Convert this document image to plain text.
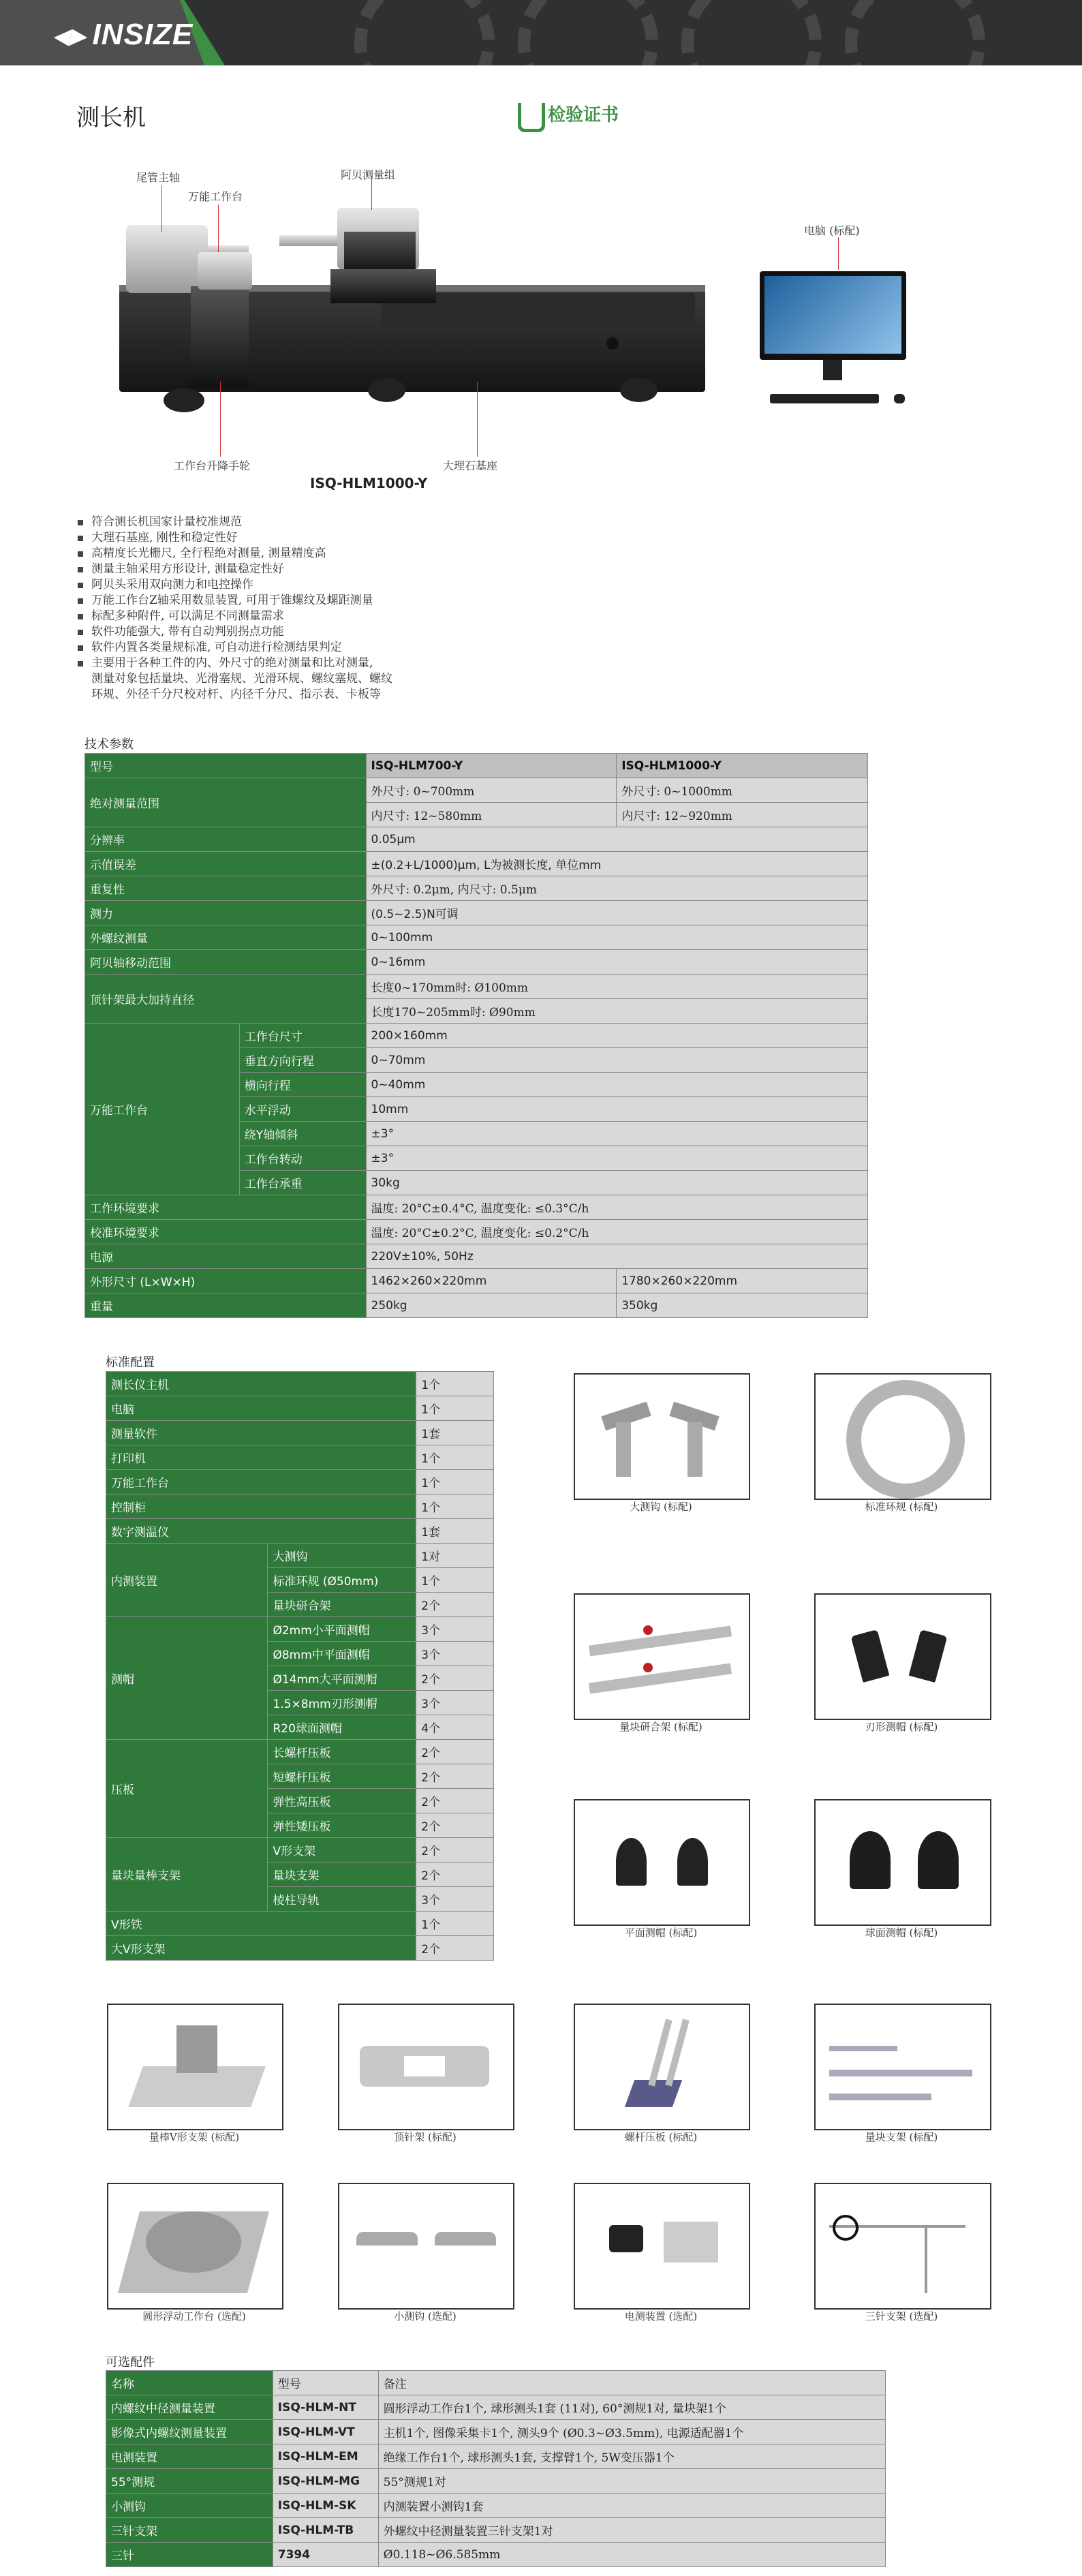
◀▶ INSIZE
测长机	检验证书
尾管主轴
万能工作台
阿贝测量组
电脑 (标配)
工作台升降手轮	大理石基座
ISQ-HLM1000-Y
符合测长机国家计量校准规范
大理石基座, 刚性和稳定性好
高精度长光栅尺, 全行程绝对测量, 测量精度高
测量主轴采用方形设计, 测量稳定性好
阿贝头采用双向测力和电控操作
万能工作台Z轴采用数显装置, 可用于锥螺纹及螺距测量
标配多种附件, 可以满足不同测量需求
软件功能强大, 带有自动判别拐点功能
软件内置各类量规标准, 可自动进行检测结果判定
主要用于各种工件的内、外尺寸的绝对测量和比对测量,
测量对象包括量块、光滑塞规、光滑环规、螺纹塞规、螺纹
环规、外径千分尺校对杆、内径千分尺、指示表、卡板等
技术参数
型号		ISQ-HLM700-Y	ISQ-HLM1000-Y
绝对测量范围		外尺寸: 0~700mm	外尺寸: 0~1000mm
		内尺寸: 12~580mm	内尺寸: 12~920mm
分辨率		0.05μm	
示值误差		±(0.2+L/1000)μm, L为被测长度, 单位mm	
重复性		外尺寸: 0.2μm, 内尺寸: 0.5μm	
测力		(0.5~2.5)N可调	
外螺纹测量		0~100mm	
阿贝轴移动范围		0~16mm	
顶针架最大加持直径		长度0~170mm时: Ø100mm	
		长度170~205mm时: Ø90mm	
万能工作台	工作台尺寸	200×160mm	
	垂直方向行程	0~70mm	
	横向行程	0~40mm	
	水平浮动	10mm	
	绕Y轴倾斜	±3°	
	工作台转动	±3°	
	工作台承重	30kg	
工作环境要求		温度: 20°C±0.4°C, 温度变化: ≤0.3°C/h	
校准环境要求		温度: 20°C±0.2°C, 温度变化: ≤0.2°C/h	
电源		220V±10%, 50Hz	
外形尺寸 (L×W×H)		1462×260×220mm	1780×260×220mm
重量		250kg	350kg
标准配置
测长仪主机		1个
电脑		1个
测量软件		1套
打印机		1个
万能工作台		1个
控制柜		1个
数字测温仪		1套
内测装置	大测钩	1对
	标准环规 (Ø50mm)	1个
	量块研合架	2个
测帽	Ø2mm小平面测帽	3个
	Ø8mm中平面测帽	3个
	Ø14mm大平面测帽	2个
	1.5×8mm刃形测帽	3个
	R20球面测帽	4个
压板	长螺杆压板	2个
	短螺杆压板	2个
	弹性高压板	2个
	弹性矮压板	2个
量块量棒支架	V形支架	2个
	量块支架	2个
	棱柱导轨	3个
V形铁		1个
大V形支架		2个
大测钩 (标配)	标准环规 (标配)
量块研合架 (标配)	刃形测帽 (标配)
平面测帽 (标配)	球面测帽 (标配)
量棒V形支架 (标配)	顶针架 (标配)	螺杆压板 (标配)	量块支架 (标配)
圆形浮动工作台 (选配)	小测钩 (选配)	电测装置 (选配)	三针支架 (选配)
可选配件
名称	型号	备注
内螺纹中径测量装置	ISQ-HLM-NT	圆形浮动工作台1个, 球形测头1套 (11对), 60°测规1对, 量块架1个
影像式内螺纹测量装置	ISQ-HLM-VT	主机1个, 图像采集卡1个, 测头9个 (Ø0.3~Ø3.5mm), 电源适配器1个
电测装置	ISQ-HLM-EM	绝缘工作台1个, 球形测头1套, 支撑臂1个, 5W变压器1个
55°测规	ISQ-HLM-MG	55°测规1对
小测钩	ISQ-HLM-SK	内测装置小测钩1套
三针支架	ISQ-HLM-TB	外螺纹中径测量装置三针支架1对
三针	7394	Ø0.118~Ø6.585mm
